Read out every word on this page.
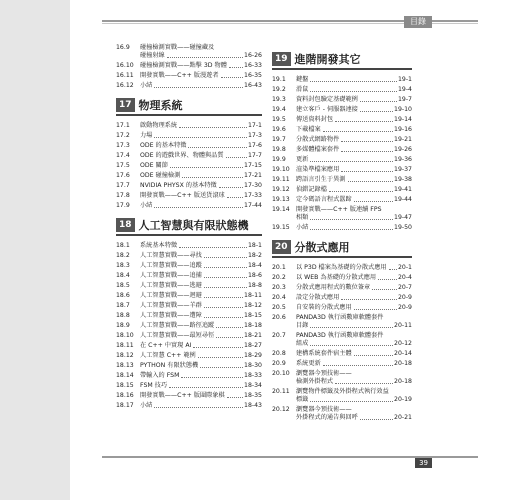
目錄
16.9	碰撞檢測實戰——碰撞藏及
碰撞射線	16-26
16.10	碰撞檢測實戰——點擊 3D 物體	16-33
16.11	開發實戰——C++ 版漫遊者	16-35
16.12	小結	16-43
17 物理系統
17.1	啟動物理系統	17-1
17.2	力場	17-3
17.3	ODE 的基本特徵	17-6
17.4	ODE 的遊戲世界、物體與品質	17-7
17.5	ODE 關節	17-15
17.6	ODE 碰撞檢測	17-21
17.7	NVIDIA PHYSX 的基本特徵	17-30
17.8	開發實戰——C++ 版送貨滾球	17-33
17.9	小結	17-44
18 人工智慧與有限狀態機
18.1	系統基本特徵	18-1
18.2	人工智慧實戰——尋找	18-2
18.3	人工智慧實戰——追蹤	18-4
18.4	人工智慧實戰——追捕	18-6
18.5	人工智慧實戰——逃避	18-8
18.6	人工智慧實戰——迴避	18-11
18.7	人工智慧實戰——羊群	18-12
18.8	人工智慧實戰——遭障	18-15
18.9	人工智慧實戰——路徑追蹤	18-18
18.10	人工智慧實戰——最短尋徑	18-21
18.11	在 C++ 中實現 AI	18-27
18.12	人工智慧 C++ 範例	18-29
18.13	PYTHON 有限狀態機	18-30
18.14	帶輸入的 FSM	18-33
18.15	FSM 技巧	18-34
18.16	開發實戰——C++ 版圍際象棋	18-35
18.17	小結	18-43
19 進階開發其它
19.1	鍵盤	19-1
19.2	滑鼠	19-4
19.3	資料封包驗定基礎範例	19-7
19.4	建立客戶 - 伺服器連接	19-10
19.5	傳送資料封包	19-14
19.6	下載檔案	19-16
19.7	分散式網路物件	19-21
19.8	多媒體檔案套件	19-26
19.9	更新	19-36
19.10	渲染準檔案應用	19-37
19.11	跨語言引生于異測	19-38
19.12	偵錯記錄檔	19-41
19.13	定今碼語言程式囂蹄	19-44
19.14	開發實戰——C++ 版連續 FPS
相類	19-47
19.15	小結	19-50
20 分散式應用
20.1	以 P3D 檔案為基礎的分散式應用 20-1
20.2	以 WEB 為基礎的分散式應用	20-4
20.3	分散式應用程式的數位簽章	20-7
20.4	設定分散式應用	20-9
20.5	自安裝的分散式應用	20-9
20.6	PANDA3D 執行函數庫軟體套件
目錄	20-11
20.7	PANDA3D 執行函數庫軟體套件
組成	20-12
20.8	建構系統套件宿主體	20-14
20.9	系統更新	20-18
20.10	瀏覽器今預技術——
檢測外掛程式	20-18
20.11	瀏覽物件標籤及外掛程式執行效益
標籤	20-19
20.12	瀏覽器今預技術——
外掛程式的通告與回呼	20-21
39
